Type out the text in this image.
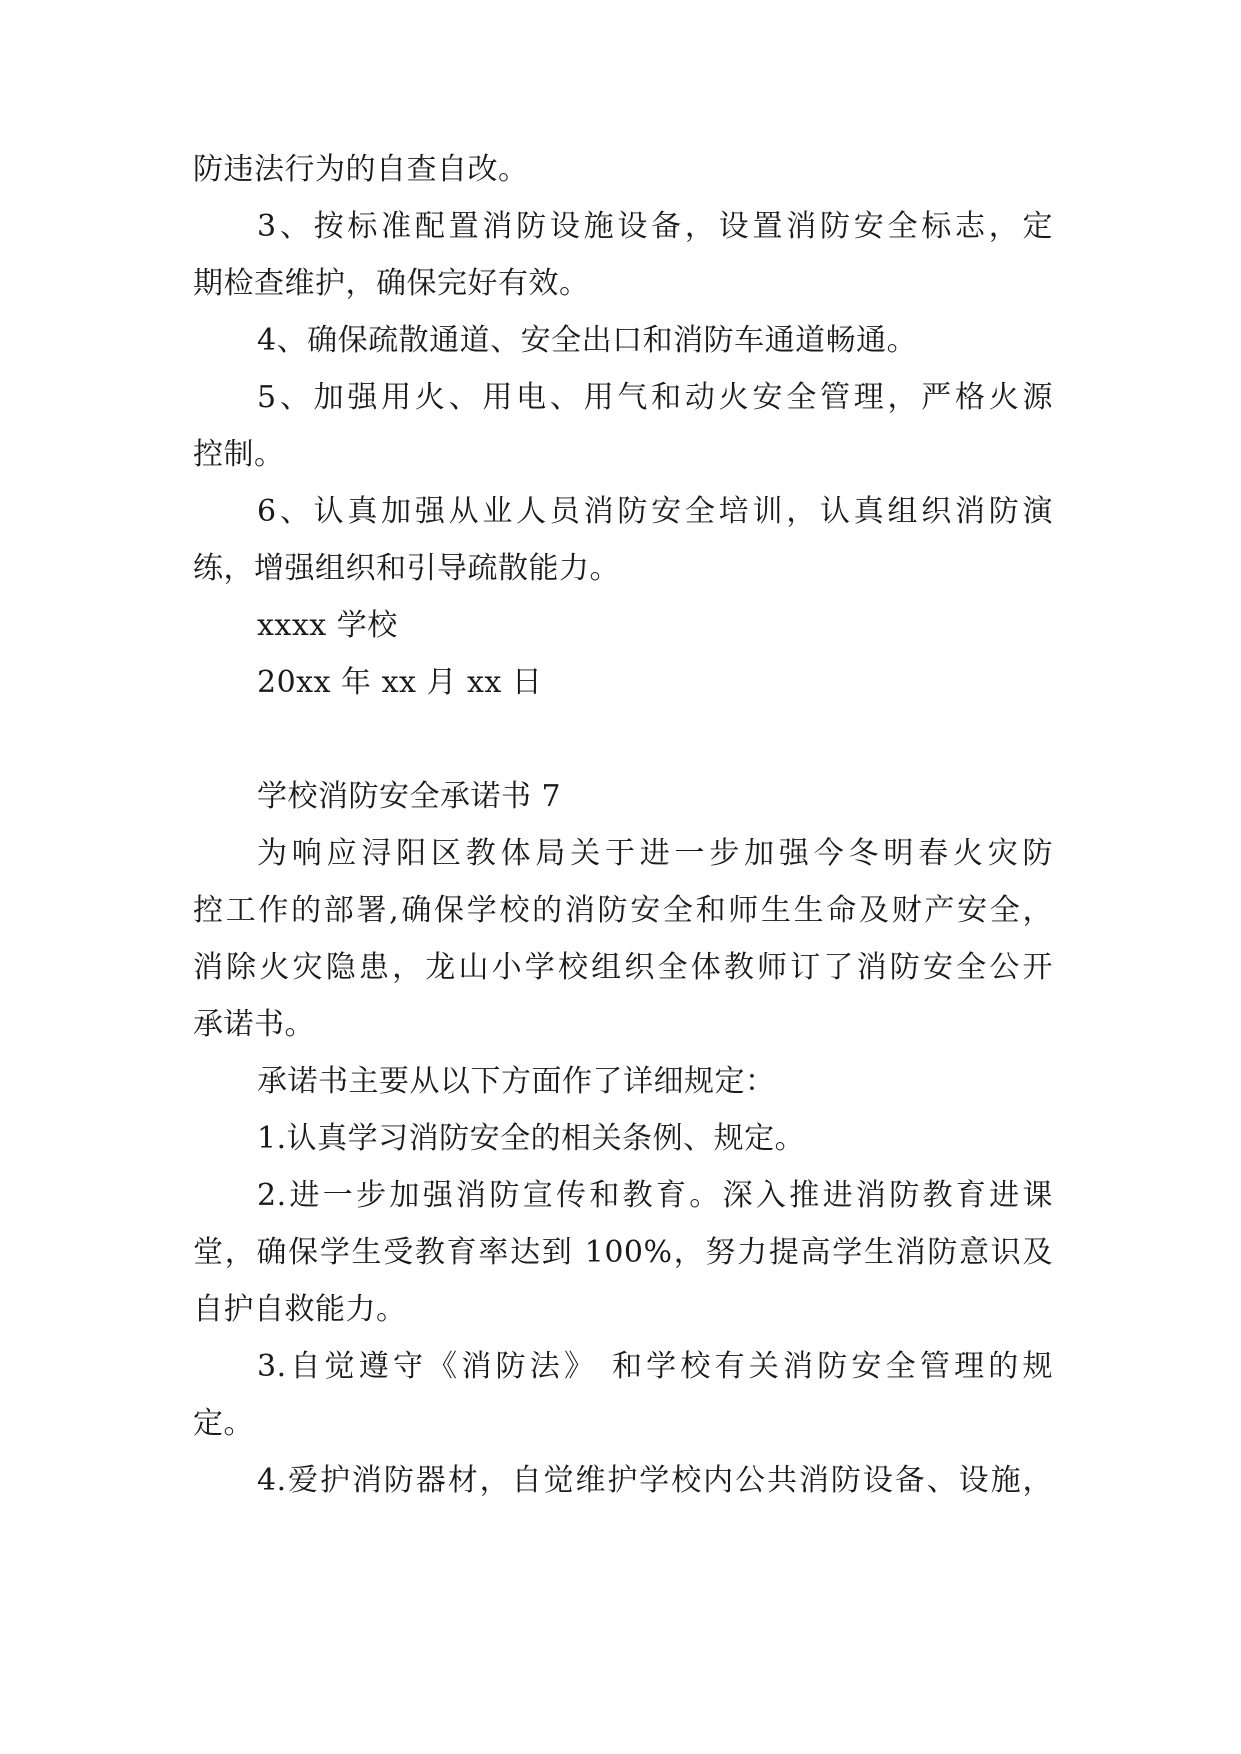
防违法行为的自查自改。
3、按标准配置消防设施设备，设置消防安全标志，定
期检查维护，确保完好有效。
4、确保疏散通道、安全出口和消防车通道畅通。
5、加强用火、用电、用气和动火安全管理，严格火源
控制。
6、认真加强从业人员消防安全培训，认真组织消防演
练，增强组织和引导疏散能力。
xxxx 学校
20xx 年 xx 月 xx 日
学校消防安全承诺书 7
为响应浔阳区教体局关于进一步加强今冬明春火灾防
控工作的部署,确保学校的消防安全和师生生命及财产安全，
消除火灾隐患，龙山小学校组织全体教师订了消防安全公开
承诺书。
承诺书主要从以下方面作了详细规定：
1.认真学习消防安全的相关条例、规定。
2.进一步加强消防宣传和教育。深入推进消防教育进课
堂，确保学生受教育率达到 100%，努力提高学生消防意识及
自护自救能力。
3.自觉遵守《消防法》 和学校有关消防安全管理的规
定。
4.爱护消防器材，自觉维护学校内公共消防设备、设施，
